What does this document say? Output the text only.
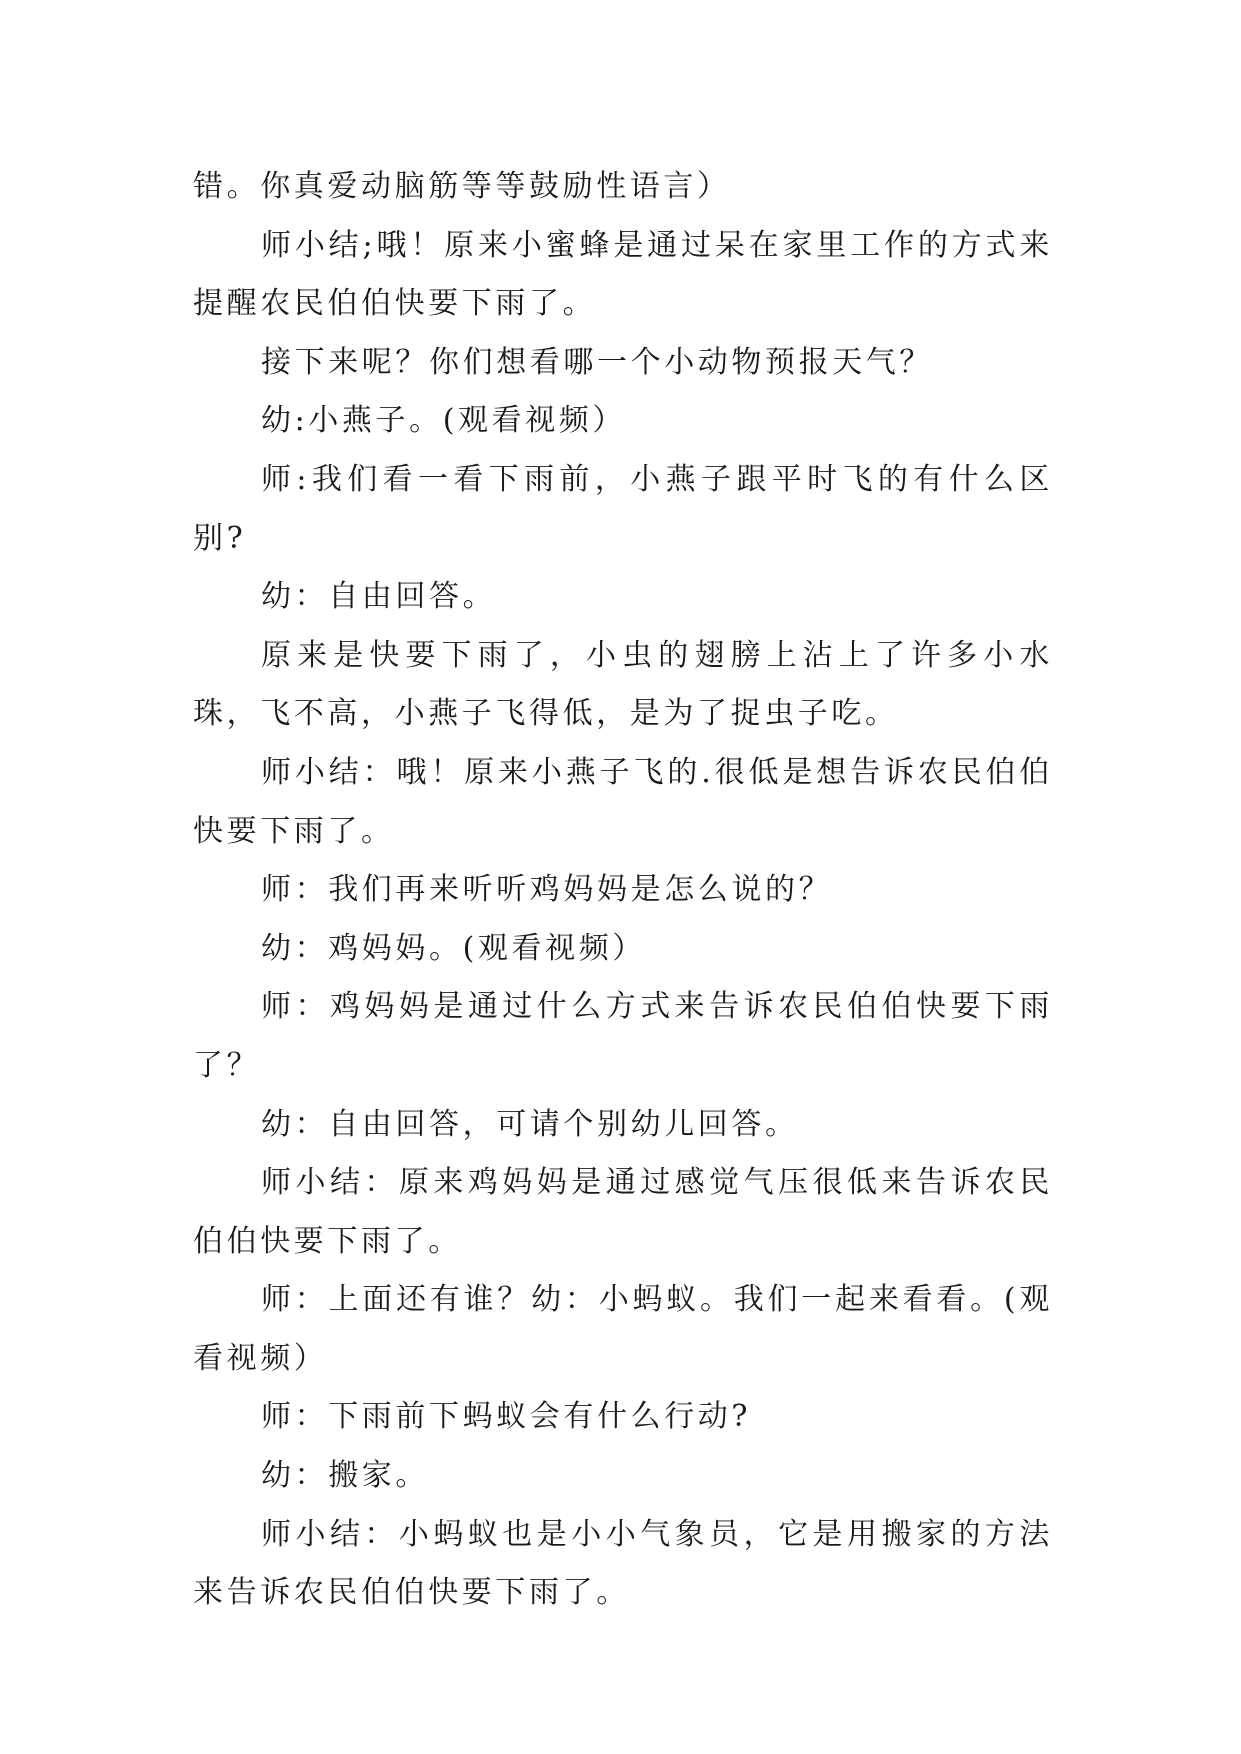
错。你真爱动脑筋等等鼓励性语言）

师小结;哦！原来小蜜蜂是通过呆在家里工作的方式来提醒农民伯伯快要下雨了。

接下来呢？你们想看哪一个小动物预报天气？

幼:小燕子。(观看视频）

师:我们看一看下雨前，小燕子跟平时飞的有什么区别?

幼：自由回答。

原来是快要下雨了，小虫的翅膀上沾上了许多小水珠，飞不高，小燕子飞得低，是为了捉虫子吃。

师小结：哦！原来小燕子飞的.很低是想告诉农民伯伯快要下雨了。

师：我们再来听听鸡妈妈是怎么说的？

幼：鸡妈妈。(观看视频）

师：鸡妈妈是通过什么方式来告诉农民伯伯快要下雨了？

幼：自由回答，可请个别幼儿回答。

师小结：原来鸡妈妈是通过感觉气压很低来告诉农民伯伯快要下雨了。

师：上面还有谁？幼：小蚂蚁。我们一起来看看。(观看视频）

师：下雨前下蚂蚁会有什么行动?

幼：搬家。

师小结：小蚂蚁也是小小气象员，它是用搬家的方法来告诉农民伯伯快要下雨了。
